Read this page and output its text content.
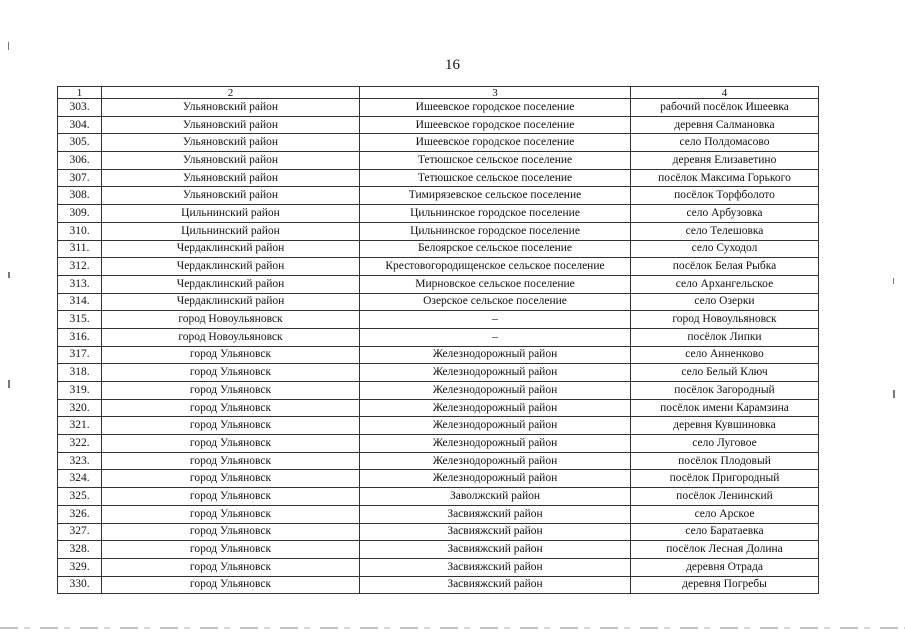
16
1	2	3	4
303.	Ульяновский район	Ишеевское городское поселение	рабочий посёлок Ишеевка
304.	Ульяновский район	Ишеевское городское поселение	деревня Салмановка
305.	Ульяновский район	Ишеевское городское поселение	село Полдомасово
306.	Ульяновский район	Тетюшское сельское поселение	деревня Елизаветино
307.	Ульяновский район	Тетюшское сельское поселение	посёлок Максима Горького
308.	Ульяновский район	Тимирязевское сельское поселение	посёлок Торфболото
309.	Цильнинский район	Цильнинское городское поселение	село Арбузовка
310.	Цильнинский район	Цильнинское городское поселение	село Телешовка
311.	Чердаклинский район	Белоярское сельское поселение	село Суходол
312.	Чердаклинский район	Крестовогородищенское сельское поселение	посёлок Белая Рыбка
313.	Чердаклинский район	Мирновское сельское поселение	село Архангельское
314.	Чердаклинский район	Озерское сельское поселение	село Озерки
315.	город Новоульяновск	–	город Новоульяновск
316.	город Новоульяновск	–	посёлок Липки
317.	город Ульяновск	Железнодорожный район	село Анненково
318.	город Ульяновск	Железнодорожный район	село Белый Ключ
319.	город Ульяновск	Железнодорожный район	посёлок Загородный
320.	город Ульяновск	Железнодорожный район	посёлок имени Карамзина
321.	город Ульяновск	Железнодорожный район	деревня Кувшиновка
322.	город Ульяновск	Железнодорожный район	село Луговое
323.	город Ульяновск	Железнодорожный район	посёлок Плодовый
324.	город Ульяновск	Железнодорожный район	посёлок Пригородный
325.	город Ульяновск	Заволжский район	посёлок Ленинский
326.	город Ульяновск	Засвияжский район	село Арское
327.	город Ульяновск	Засвияжский район	село Баратаевка
328.	город Ульяновск	Засвияжский район	посёлок Лесная Долина
329.	город Ульяновск	Засвияжский район	деревня Отрада
330.	город Ульяновск	Засвияжский район	деревня Погребы
